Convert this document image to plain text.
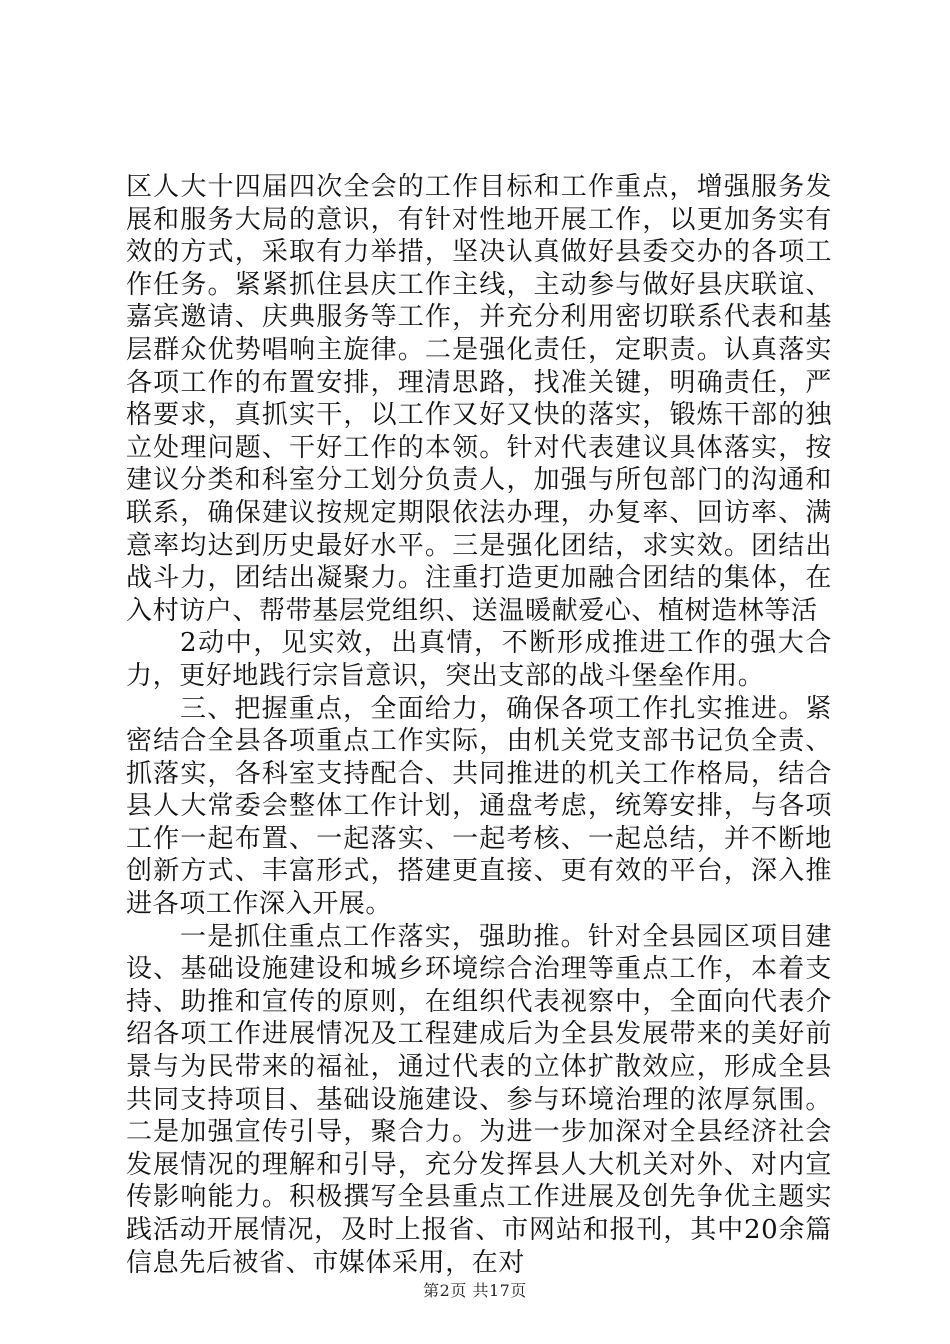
区人大十四届四次全会的工作目标和工作重点，增强服务发展和服务大局的意识，有针对性地开展工作，以更加务实有效的方式，采取有力举措，坚决认真做好县委交办的各项工作任务。紧紧抓住县庆工作主线，主动参与做好县庆联谊、嘉宾邀请、庆典服务等工作，并充分利用密切联系代表和基层群众优势唱响主旋律。二是强化责任，定职责。认真落实各项工作的布置安排，理清思路，找准关键，明确责任，严格要求，真抓实干，以工作又好又快的落实，锻炼干部的独立处理问题、干好工作的本领。针对代表建议具体落实，按建议分类和科室分工划分负责人，加强与所包部门的沟通和联系，确保建议按规定期限依法办理，办复率、回访率、满意率均达到历史最好水平。三是强化团结，求实效。团结出战斗力，团结出凝聚力。注重打造更加融合团结的集体，在入村访户、帮带基层党组织、送温暖献爱心、植树造林等活

2动中，见实效，出真情，不断形成推进工作的强大合力，更好地践行宗旨意识，突出支部的战斗堡垒作用。

三、把握重点，全面给力，确保各项工作扎实推进。紧密结合全县各项重点工作实际，由机关党支部书记负全责、抓落实，各科室支持配合、共同推进的机关工作格局，结合县人大常委会整体工作计划，通盘考虑，统筹安排，与各项工作一起布置、一起落实、一起考核、一起总结，并不断地创新方式、丰富形式，搭建更直接、更有效的平台，深入推进各项工作深入开展。

一是抓住重点工作落实，强助推。针对全县园区项目建设、基础设施建设和城乡环境综合治理等重点工作，本着支持、助推和宣传的原则，在组织代表视察中，全面向代表介绍各项工作进展情况及工程建成后为全县发展带来的美好前景与为民带来的福祉，通过代表的立体扩散效应，形成全县共同支持项目、基础设施建设、参与环境治理的浓厚氛围。二是加强宣传引导，聚合力。为进一步加深对全县经济社会发展情况的理解和引导，充分发挥县人大机关对外、对内宣传影响能力。积极撰写全县重点工作进展及创先争优主题实践活动开展情况，及时上报省、市网站和报刊，其中20余篇信息先后被省、市媒体采用，在对

第2页 共17页
